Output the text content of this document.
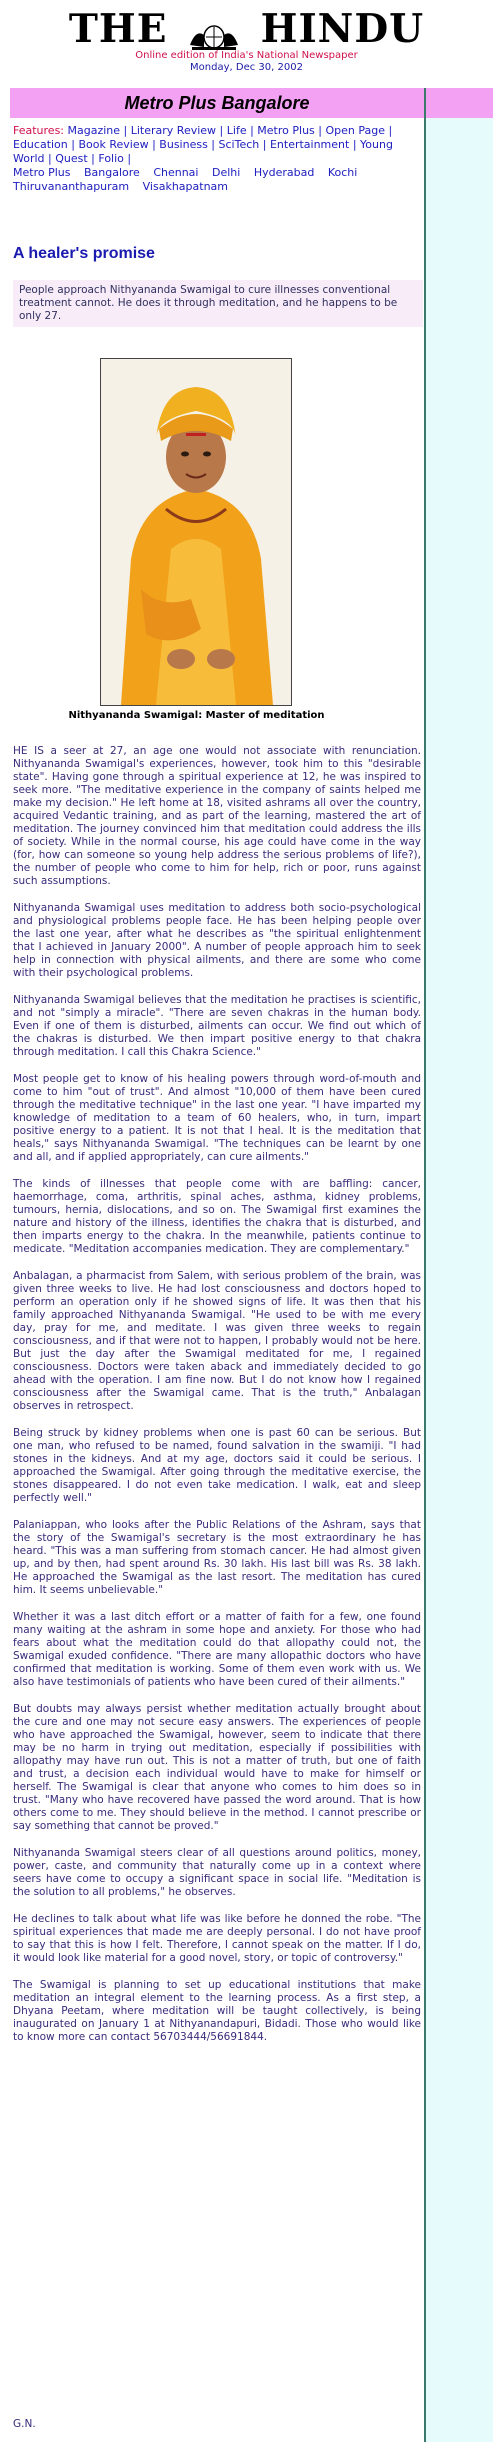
THE HINDU
Online edition of India's National Newspaper
Monday, Dec 30, 2002
Metro Plus Bangalore
Features: Magazine | Literary Review | Life | Metro Plus | Open Page | Education | Book Review | Business | SciTech | Entertainment | Young World | Quest | Folio |
Metro Plus Bangalore Chennai Delhi Hyderabad Kochi
Thiruvananthapuram Visakhapatnam
A healer's promise
People approach Nithyananda Swamigal to cure illnesses conventional treatment cannot. He does it through meditation, and he happens to be only 27.
Nithyananda Swamigal: Master of meditation

HE IS a seer at 27, an age one would not associate with renunciation. Nithyananda Swamigal's experiences, however, took him to this "desirable state". Having gone through a spiritual experience at 12, he was inspired to seek more. "The meditative experience in the company of saints helped me make my decision." He left home at 18, visited ashrams all over the country, acquired Vedantic training, and as part of the learning, mastered the art of meditation. The journey convinced him that meditation could address the ills of society. While in the normal course, his age could have come in the way (for, how can someone so young help address the serious problems of life?), the number of people who come to him for help, rich or poor, runs against such assumptions.

Nithyananda Swamigal uses meditation to address both socio-psychological and physiological problems people face. He has been helping people over the last one year, after what he describes as "the spiritual enlightenment that I achieved in January 2000". A number of people approach him to seek help in connection with physical ailments, and there are some who come with their psychological problems.

Nithyananda Swamigal believes that the meditation he practises is scientific, and not "simply a miracle". "There are seven chakras in the human body. Even if one of them is disturbed, ailments can occur. We find out which of the chakras is disturbed. We then impart positive energy to that chakra through meditation. I call this Chakra Science."

Most people get to know of his healing powers through word-of-mouth and come to him "out of trust". And almost "10,000 of them have been cured through the meditative technique" in the last one year. "I have imparted my knowledge of meditation to a team of 60 healers, who, in turn, impart positive energy to a patient. It is not that I heal. It is the meditation that heals," says Nithyananda Swamigal. "The techniques can be learnt by one and all, and if applied appropriately, can cure ailments."

The kinds of illnesses that people come with are baffling: cancer, haemorrhage, coma, arthritis, spinal aches, asthma, kidney problems, tumours, hernia, dislocations, and so on. The Swamigal first examines the nature and history of the illness, identifies the chakra that is disturbed, and then imparts energy to the chakra. In the meanwhile, patients continue to medicate. "Meditation accompanies medication. They are complementary."

Anbalagan, a pharmacist from Salem, with serious problem of the brain, was given three weeks to live. He had lost consciousness and doctors hoped to perform an operation only if he showed signs of life. It was then that his family approached Nithyananda Swamigal. "He used to be with me every day, pray for me, and meditate. I was given three weeks to regain consciousness, and if that were not to happen, I probably would not be here. But just the day after the Swamigal meditated for me, I regained consciousness. Doctors were taken aback and immediately decided to go ahead with the operation. I am fine now. But I do not know how I regained consciousness after the Swamigal came. That is the truth," Anbalagan observes in retrospect.

Being struck by kidney problems when one is past 60 can be serious. But one man, who refused to be named, found salvation in the swamiji. "I had stones in the kidneys. And at my age, doctors said it could be serious. I approached the Swamigal. After going through the meditative exercise, the stones disappeared. I do not even take medication. I walk, eat and sleep perfectly well."

Palaniappan, who looks after the Public Relations of the Ashram, says that the story of the Swamigal's secretary is the most extraordinary he has heard. "This was a man suffering from stomach cancer. He had almost given up, and by then, had spent around Rs. 30 lakh. His last bill was Rs. 38 lakh. He approached the Swamigal as the last resort. The meditation has cured him. It seems unbelievable."

Whether it was a last ditch effort or a matter of faith for a few, one found many waiting at the ashram in some hope and anxiety. For those who had fears about what the meditation could do that allopathy could not, the Swamigal exuded confidence. "There are many allopathic doctors who have confirmed that meditation is working. Some of them even work with us. We also have testimonials of patients who have been cured of their ailments."

But doubts may always persist whether meditation actually brought about the cure and one may not secure easy answers. The experiences of people who have approached the Swamigal, however, seem to indicate that there may be no harm in trying out meditation, especially if possibilities with allopathy may have run out. This is not a matter of truth, but one of faith and trust, a decision each individual would have to make for himself or herself. The Swamigal is clear that anyone who comes to him does so in trust. "Many who have recovered have passed the word around. That is how others come to me. They should believe in the method. I cannot prescribe or say something that cannot be proved."

Nithyananda Swamigal steers clear of all questions around politics, money, power, caste, and community that naturally come up in a context where seers have come to occupy a significant space in social life. "Meditation is the solution to all problems," he observes.

He declines to talk about what life was like before he donned the robe. "The spiritual experiences that made me are deeply personal. I do not have proof to say that this is how I felt. Therefore, I cannot speak on the matter. If I do, it would look like material for a good novel, story, or topic of controversy."

The Swamigal is planning to set up educational institutions that make meditation an integral element to the learning process. As a first step, a Dhyana Peetam, where meditation will be taught collectively, is being inaugurated on January 1 at Nithyanandapuri, Bidadi. Those who would like to know more can contact 56703444/56691844.

G.N.
